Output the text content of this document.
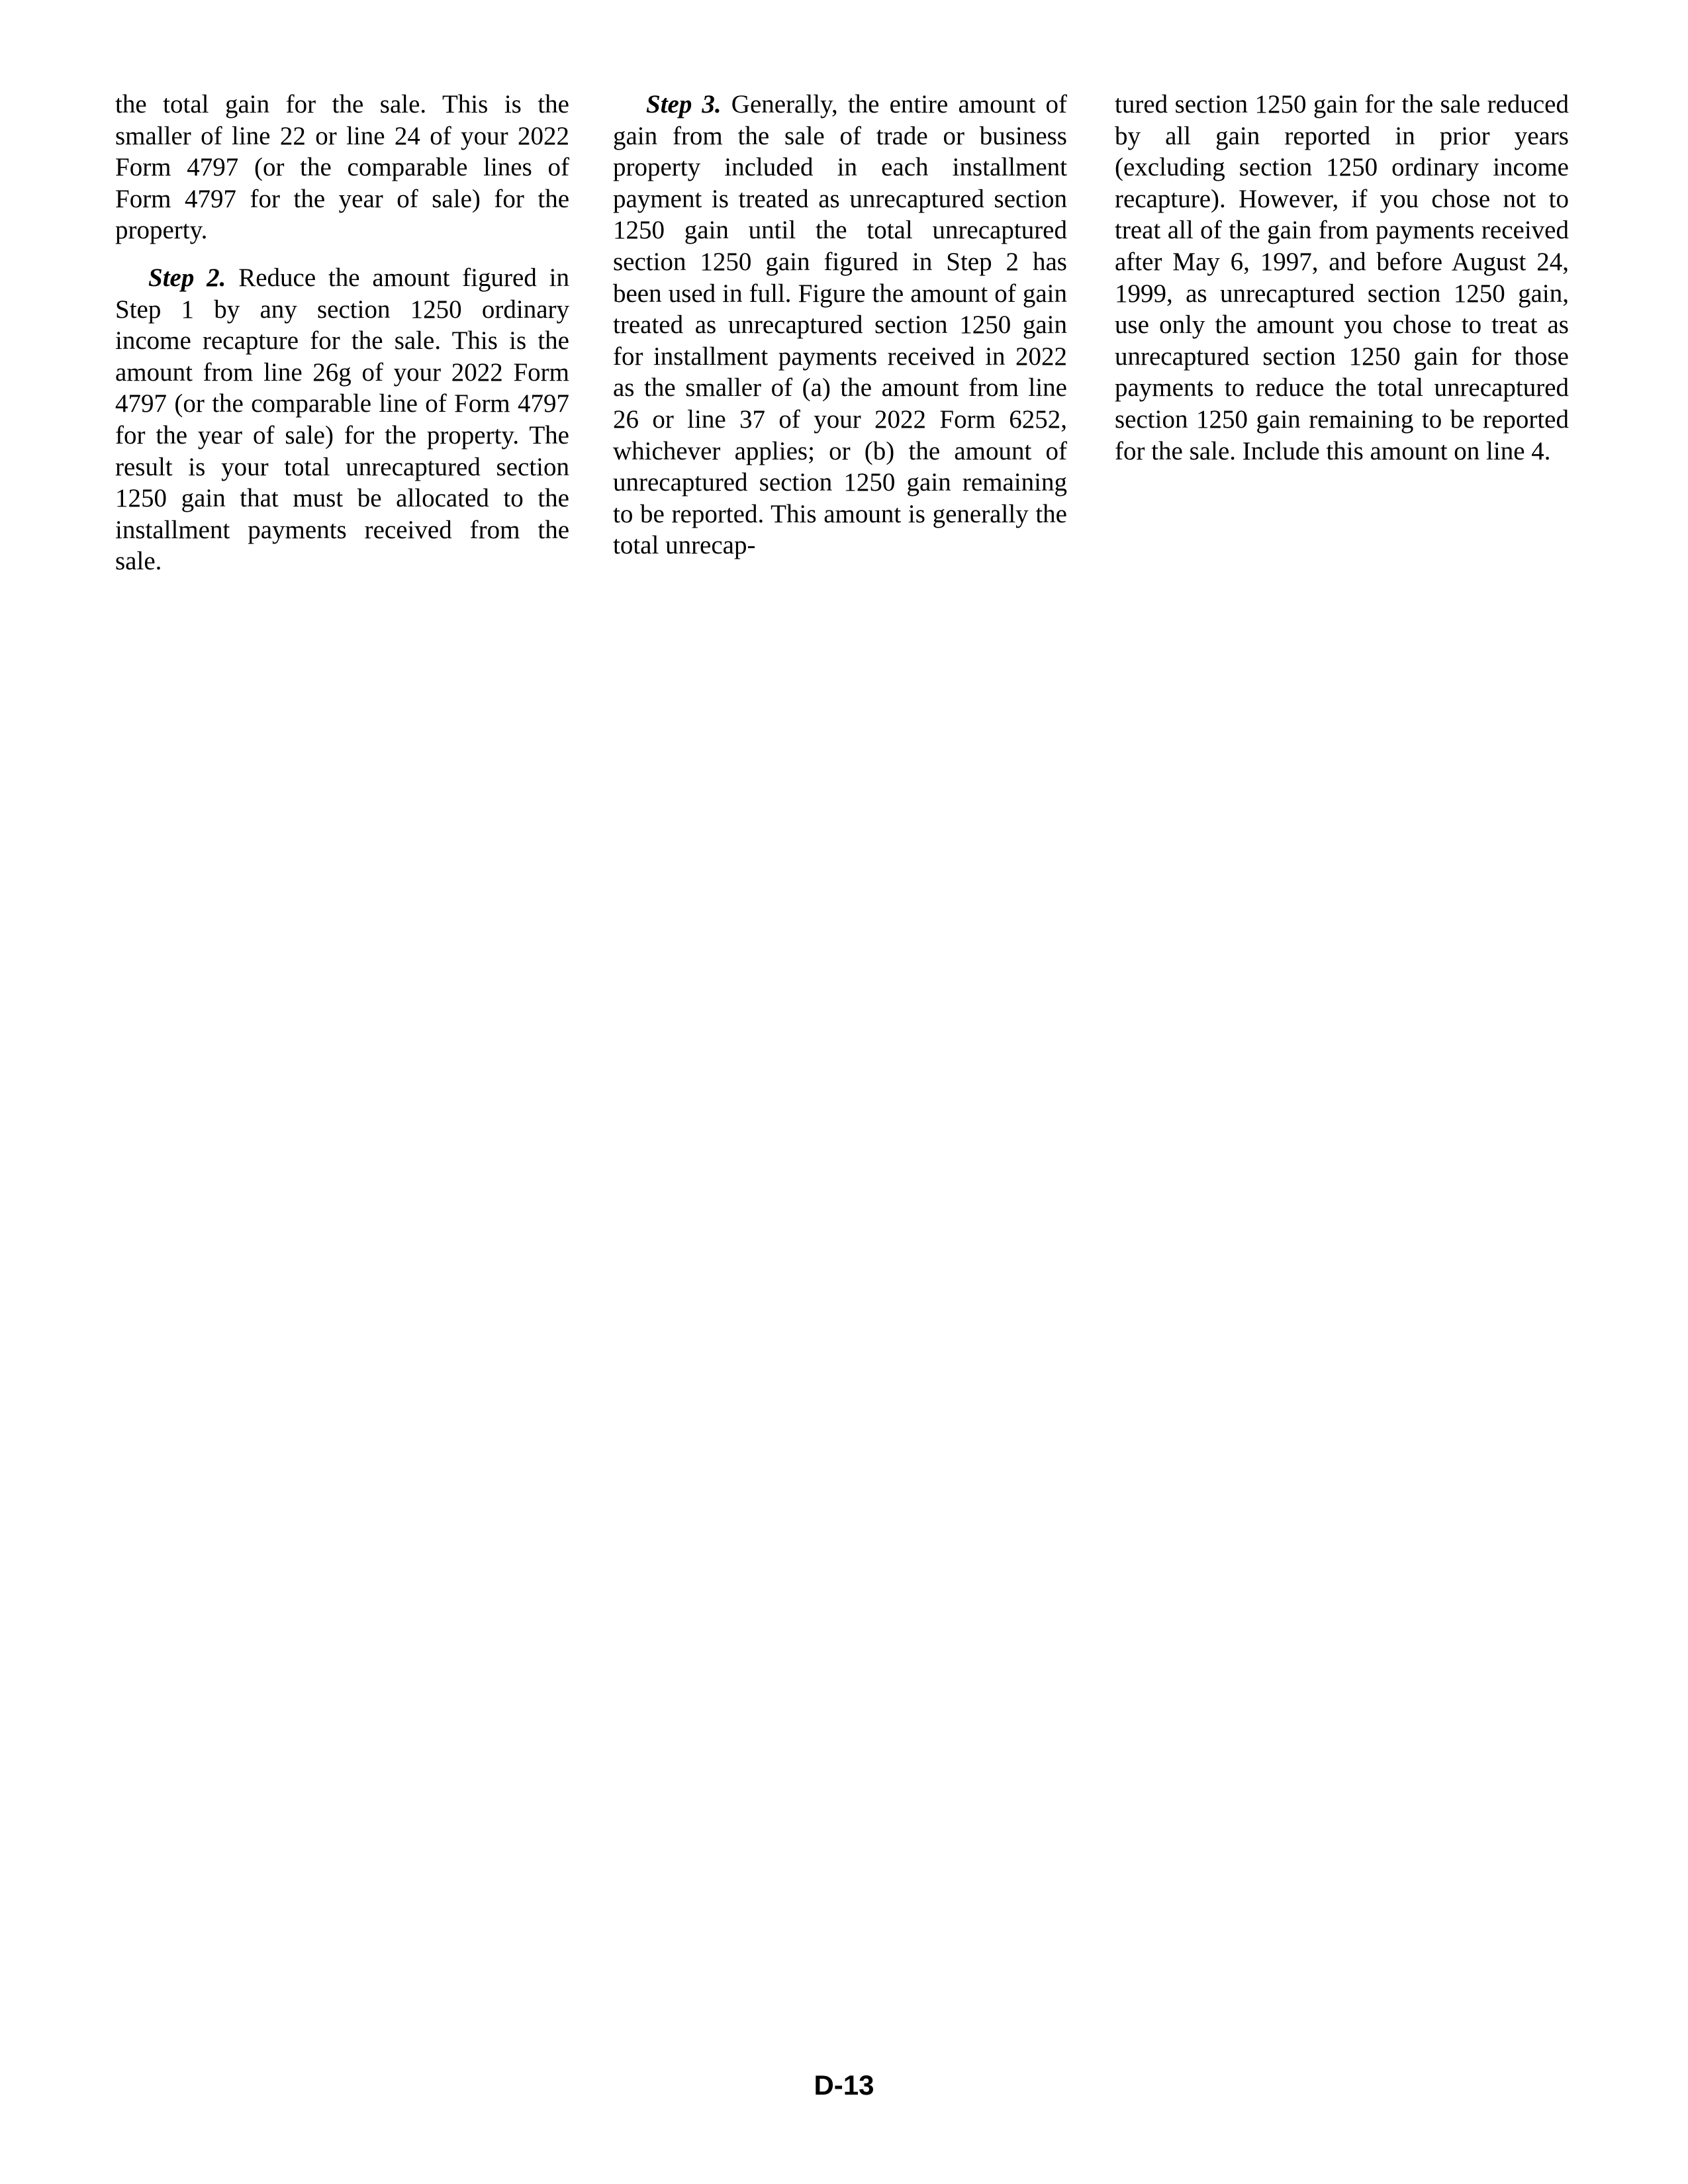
the total gain for the sale. This is the smaller of line 22 or line 24 of your 2022 Form 4797 (or the comparable lines of Form 4797 for the year of sale) for the property.

Step 2. Reduce the amount figured in Step 1 by any section 1250 ordinary income recapture for the sale. This is the amount from line 26g of your 2022 Form 4797 (or the comparable line of Form 4797 for the year of sale) for the property. The result is your total unrecaptured section 1250 gain that must be allocated to the installment payments received from the sale.

Step 3. Generally, the entire amount of gain from the sale of trade or business property included in each installment payment is treated as unrecaptured section 1250 gain until the total unrecaptured section 1250 gain figured in Step 2 has been used in full. Figure the amount of gain treated as unrecaptured section 1250 gain for installment payments received in 2022 as the smaller of (a) the amount from line 26 or line 37 of your 2022 Form 6252, whichever applies; or (b) the amount of unrecaptured section 1250 gain remaining to be reported. This amount is generally the total unrecap-

tured section 1250 gain for the sale reduced by all gain reported in prior years (excluding section 1250 ordinary income recapture). However, if you chose not to treat all of the gain from payments received after May 6, 1997, and before August 24, 1999, as unrecaptured section 1250 gain, use only the amount you chose to treat as unrecaptured section 1250 gain for those payments to reduce the total unrecaptured section 1250 gain remaining to be reported for the sale. Include this amount on line 4.

D-13
